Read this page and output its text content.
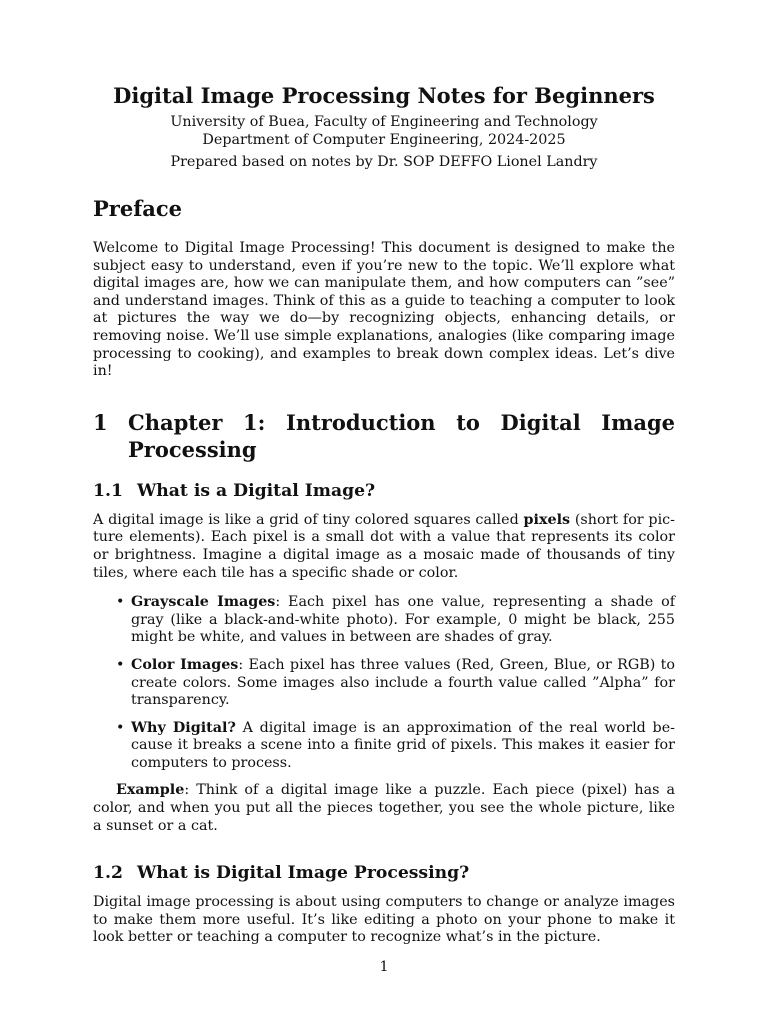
Digital Image Processing Notes for Beginners
University of Buea, Faculty of Engineering and Technology
Department of Computer Engineering, 2024-2025
Prepared based on notes by Dr. SOP DEFFO Lionel Landry
Preface

Welcome to Digital Image Processing! This document is designed to make the subject easy to understand, even if you’re new to the topic. We’ll explore what digital images are, how we can manipulate them, and how computers can ”see” and understand images. Think of this as a guide to teaching a computer to look at pictures the way we do—by recognizing objects, enhancing details, or removing noise. We’ll use simple explanations, analogies (like comparing image processing to cooking), and examples to break down complex ideas. Let’s dive in!

1 Chapter 1: Introduction to Digital Image Processing
1.1 What is a Digital Image?

A digital image is like a grid of tiny colored squares called pixels (short for picture elements). Each pixel is a small dot with a value that represents its color or brightness. Imagine a digital image as a mosaic made of thousands of tiny tiles, where each tile has a specific shade or color.

• Grayscale Images: Each pixel has one value, representing a shade of gray (like a black-and-white photo). For example, 0 might be black, 255 might be white, and values in between are shades of gray.
• Color Images: Each pixel has three values (Red, Green, Blue, or RGB) to create colors. Some images also include a fourth value called ”Alpha” for transparency.
• Why Digital? A digital image is an approximation of the real world because it breaks a scene into a finite grid of pixels. This makes it easier for computers to process.

Example: Think of a digital image like a puzzle. Each piece (pixel) has a color, and when you put all the pieces together, you see the whole picture, like a sunset or a cat.

1.2 What is Digital Image Processing?

Digital image processing is about using computers to change or analyze images to make them more useful. It’s like editing a photo on your phone to make it look better or teaching a computer to recognize what’s in the picture.

1
